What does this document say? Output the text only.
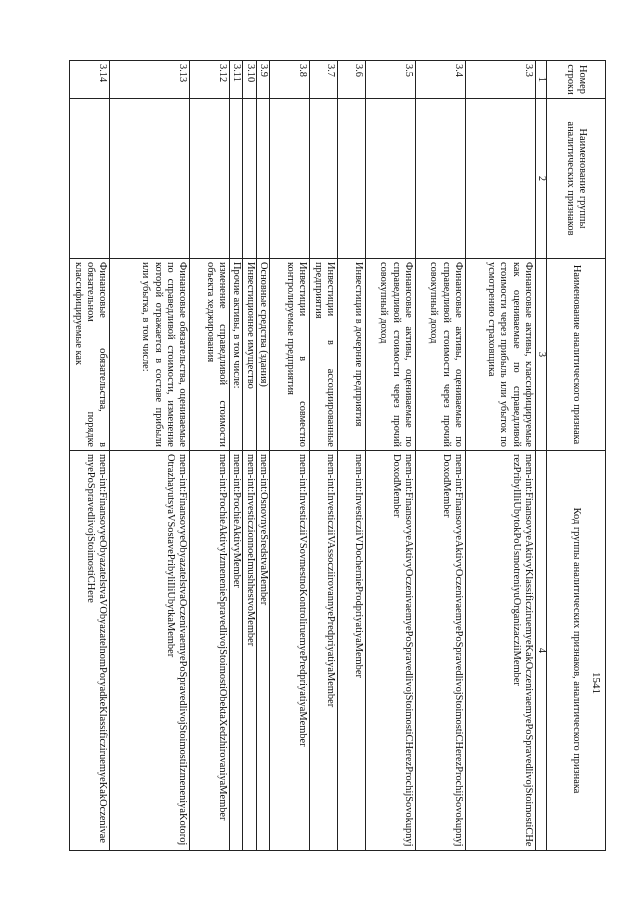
1541
Номер строки	Наименование группы аналитических признаков	Наименование аналитического признака	Код группы аналитических признаков, аналитического признака
1	2	3	4
3.3		Финансовые активы, классифицируемые как оцениваемые по справедливой стоимости через прибыль или убыток по усмотрению страховщика	mem-int:FinansovyeAktivyKlassificziruemyeKakOczenivaemyePoSpravedlivojStoimostiCHerezPribylIliUbytokPoUsmotreniyuOrganizacziiMember
3.4		Финансовые активы, оцениваемые по справедливой стоимости через прочий совокупный доход	mem-int:FinansovyeAktivyOczenivaemyePoSpravedlivojStoimostiCHerezProchijSovokupnyjDoxodMember
3.5		Финансовые активы, оцениваемые по справедливой стоимости через прочий совокупный доход	mem-int:FinansovyeAktivyOczenivaemyePoSpravedlivojStoimostiCHerezProchijSovokupnyjDoxodMember
3.6		Инвестиции в дочерние предприятия	mem-int:InvesticziiVDochernieProdpriyatiyaMember
3.7		Инвестиции в ассоциированные предприятия	mem-int:InvesticziiVAssocziirovannyePredpriyatiyaMember
3.8		Инвестиции в совместно контролируемые предприятия	mem-int:InvesticziiVSovmestnoKontroliruemyePredpriyatiyaMember
3.9		Основные средства (здания)	mem-int:OsnovnyeSredstvaMember
3.10		Инвестиционное имущество	mem-int:InvesticzionnoeImushhestvoMember
3.11		Прочие активы, в том числе:	mem-int:ProchieAktivyMember
3.12		изменение справедливой стоимости объекта хеджирования	mem-int:ProchieAktivyIzmenenieSpravedlivojStoimostiObektaXedzhirovaniyaMember
3.13		Финансовые обязательства, оцениваемые по справедливой стоимости, изменение которой отражается в составе прибыли или убытка, в том числе:	mem-int:FinansovyeObyazatelstvaOczenivaemyePoSpravedlivojStoimostiIzmeneniyaKotorojOtrazhayutsyaVSostavePribyliIliUbytkaMember
3.14		Финансовые обязательства, в обязательном порядке классифицируемые как	mem-int:FinansovyeObyazatelstvaVObyazatelnomPoryadkeKlassificziruemyeKakOczenivaemyePoSpravedlivojStoimostiCHere
